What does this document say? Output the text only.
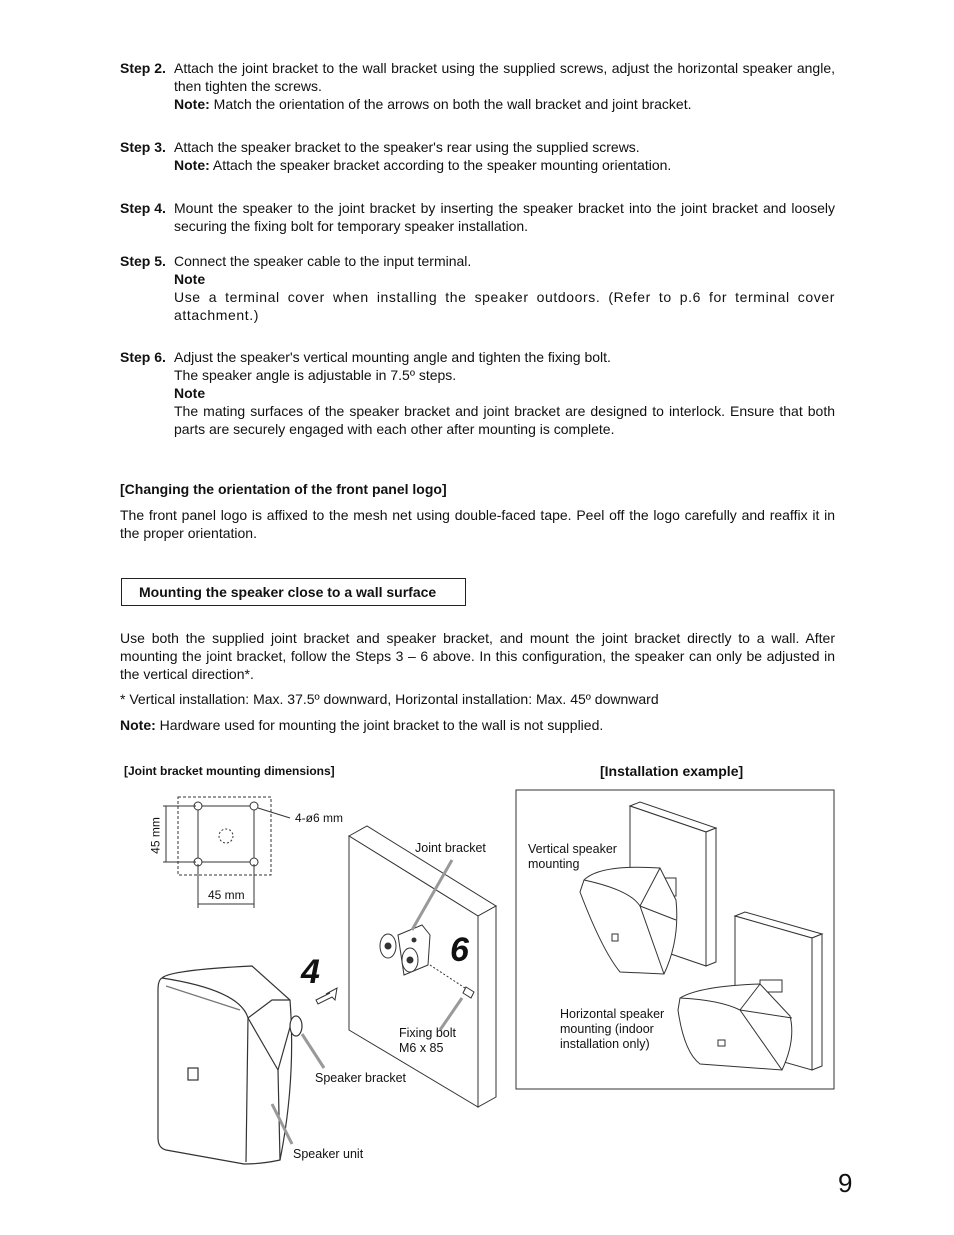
Step 2. Attach the joint bracket to the wall bracket using the supplied screws, adjust the horizontal speaker angle, then tighten the screws.

Note: Match the orientation of the arrows on both the wall bracket and joint bracket.

Step 3. Attach the speaker bracket to the speaker's rear using the supplied screws.

Note: Attach the speaker bracket according to the speaker mounting orientation.

Step 4. Mount the speaker to the joint bracket by inserting the speaker bracket into the joint bracket and loosely securing the fixing bolt for temporary speaker installation.

Step 5. Connect the speaker cable to the input terminal.

Note

Use a terminal cover when installing the speaker outdoors. (Refer to p.6 for terminal cover attachment.)

Step 6. Adjust the speaker's vertical mounting angle and tighten the fixing bolt.

The speaker angle is adjustable in 7.5º steps.

Note

The mating surfaces of the speaker bracket and joint bracket are designed to interlock. Ensure that both parts are securely engaged with each other after mounting is complete.

[Changing the orientation of the front panel logo]
The front panel logo is affixed to the mesh net using double-faced tape. Peel off the logo carefully and reaffix it in the proper orientation.
Mounting the speaker close to a wall surface
Use both the supplied joint bracket and speaker bracket, and mount the joint bracket directly to a wall. After mounting the joint bracket, follow the Steps 3 – 6 above. In this configuration, the speaker can only be adjusted in the vertical direction*.
* Vertical installation: Max. 37.5º downward, Horizontal installation: Max. 45º downward
Note: Hardware used for mounting the joint bracket to the wall is not supplied.
[Joint bracket mounting dimensions]	[Installation example]
4-ø6 mm
45 mm
45 mm
Joint bracket
Fixing bolt
M6 x 85
Speaker bracket
Speaker unit
4
6
Vertical speaker
mounting
Horizontal speaker
mounting (indoor
installation only)
9
